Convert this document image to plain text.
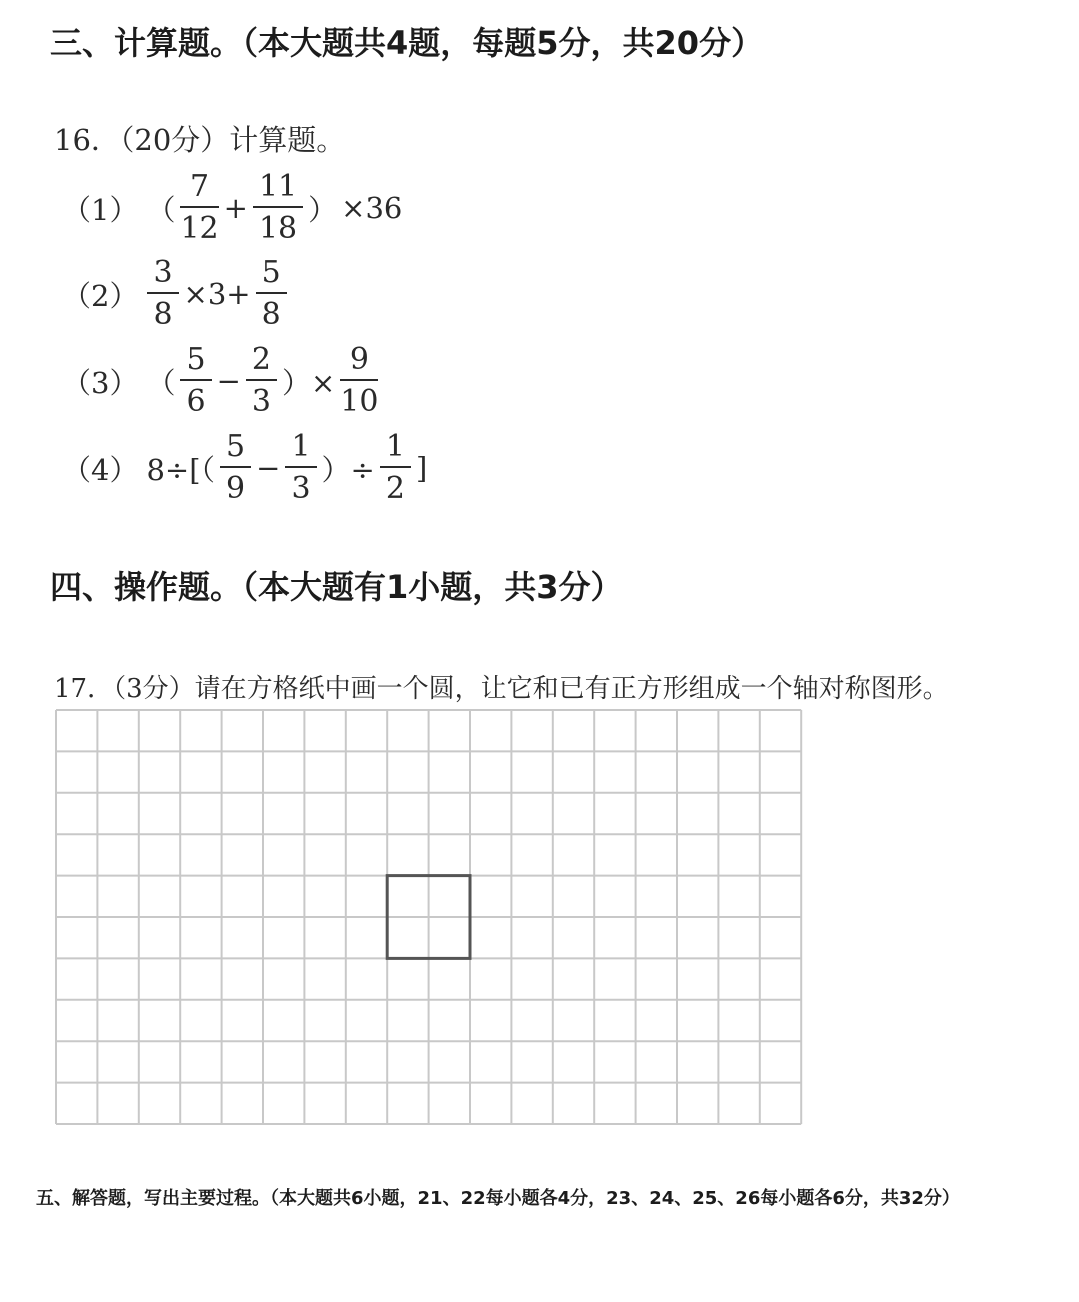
三、计算题。（本大题共4题，每题5分，共20分）
16．（20分）计算题。
（1） （ $\frac{7}{12} + \frac{11}{18}$ ） ×36
$(2) \frac{3}{8} \times 3+ \frac{5}{8}$
（3） （ $\frac{5}{6} - \frac{2}{3}$ ）× $\frac{9}{10}$
（4） $8\div[( \frac{5}{9} - \frac{1}{3}$ ）÷ $\frac{1}{2}$ ]
四、操作题。（本大题有1小题，共3分）
17．（3分）请在方格纸中画一个圆，让它和已有正方形组成一个轴对称图形。
五、解答题，写出主要过程。（本大题共6小题，21、22每小题各4分，23、24、25、26每小题各6分，共32分）
